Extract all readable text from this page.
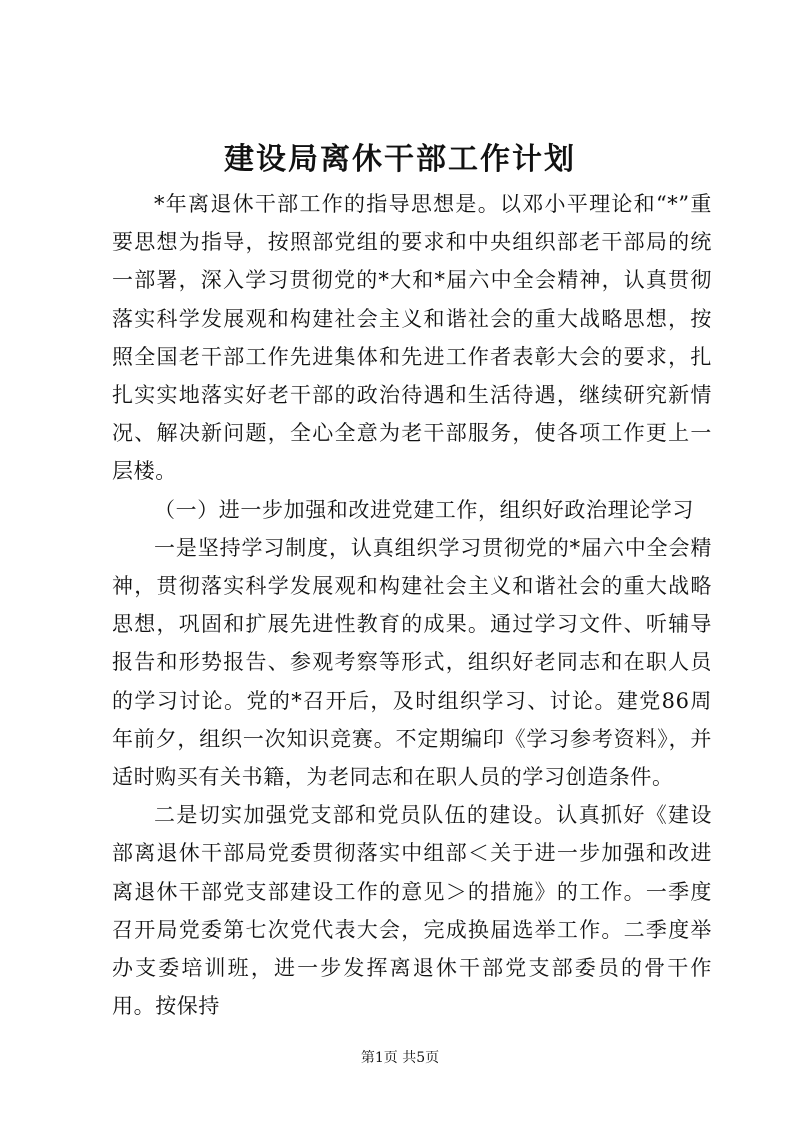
建设局离休干部工作计划

*年离退休干部工作的指导思想是。以邓小平理论和“*”重要思想为指导，按照部党组的要求和中央组织部老干部局的统一部署，深入学习贯彻党的*大和*届六中全会精神，认真贯彻落实科学发展观和构建社会主义和谐社会的重大战略思想，按照全国老干部工作先进集体和先进工作者表彰大会的要求，扎扎实实地落实好老干部的政治待遇和生活待遇，继续研究新情况、解决新问题，全心全意为老干部服务，使各项工作更上一层楼。

（一）进一步加强和改进党建工作，组织好政治理论学习

一是坚持学习制度，认真组织学习贯彻党的*届六中全会精神，贯彻落实科学发展观和构建社会主义和谐社会的重大战略思想，巩固和扩展先进性教育的成果。通过学习文件、听辅导报告和形势报告、参观考察等形式，组织好老同志和在职人员的学习讨论。党的*召开后，及时组织学习、讨论。建党86周年前夕，组织一次知识竞赛。不定期编印《学习参考资料》，并适时购买有关书籍，为老同志和在职人员的学习创造条件。

二是切实加强党支部和党员队伍的建设。认真抓好《建设部离退休干部局党委贯彻落实中组部＜关于进一步加强和改进离退休干部党支部建设工作的意见＞的措施》的工作。一季度召开局党委第七次党代表大会，完成换届选举工作。二季度举办支委培训班，进一步发挥离退休干部党支部委员的骨干作用。按保持

第1页 共5页
